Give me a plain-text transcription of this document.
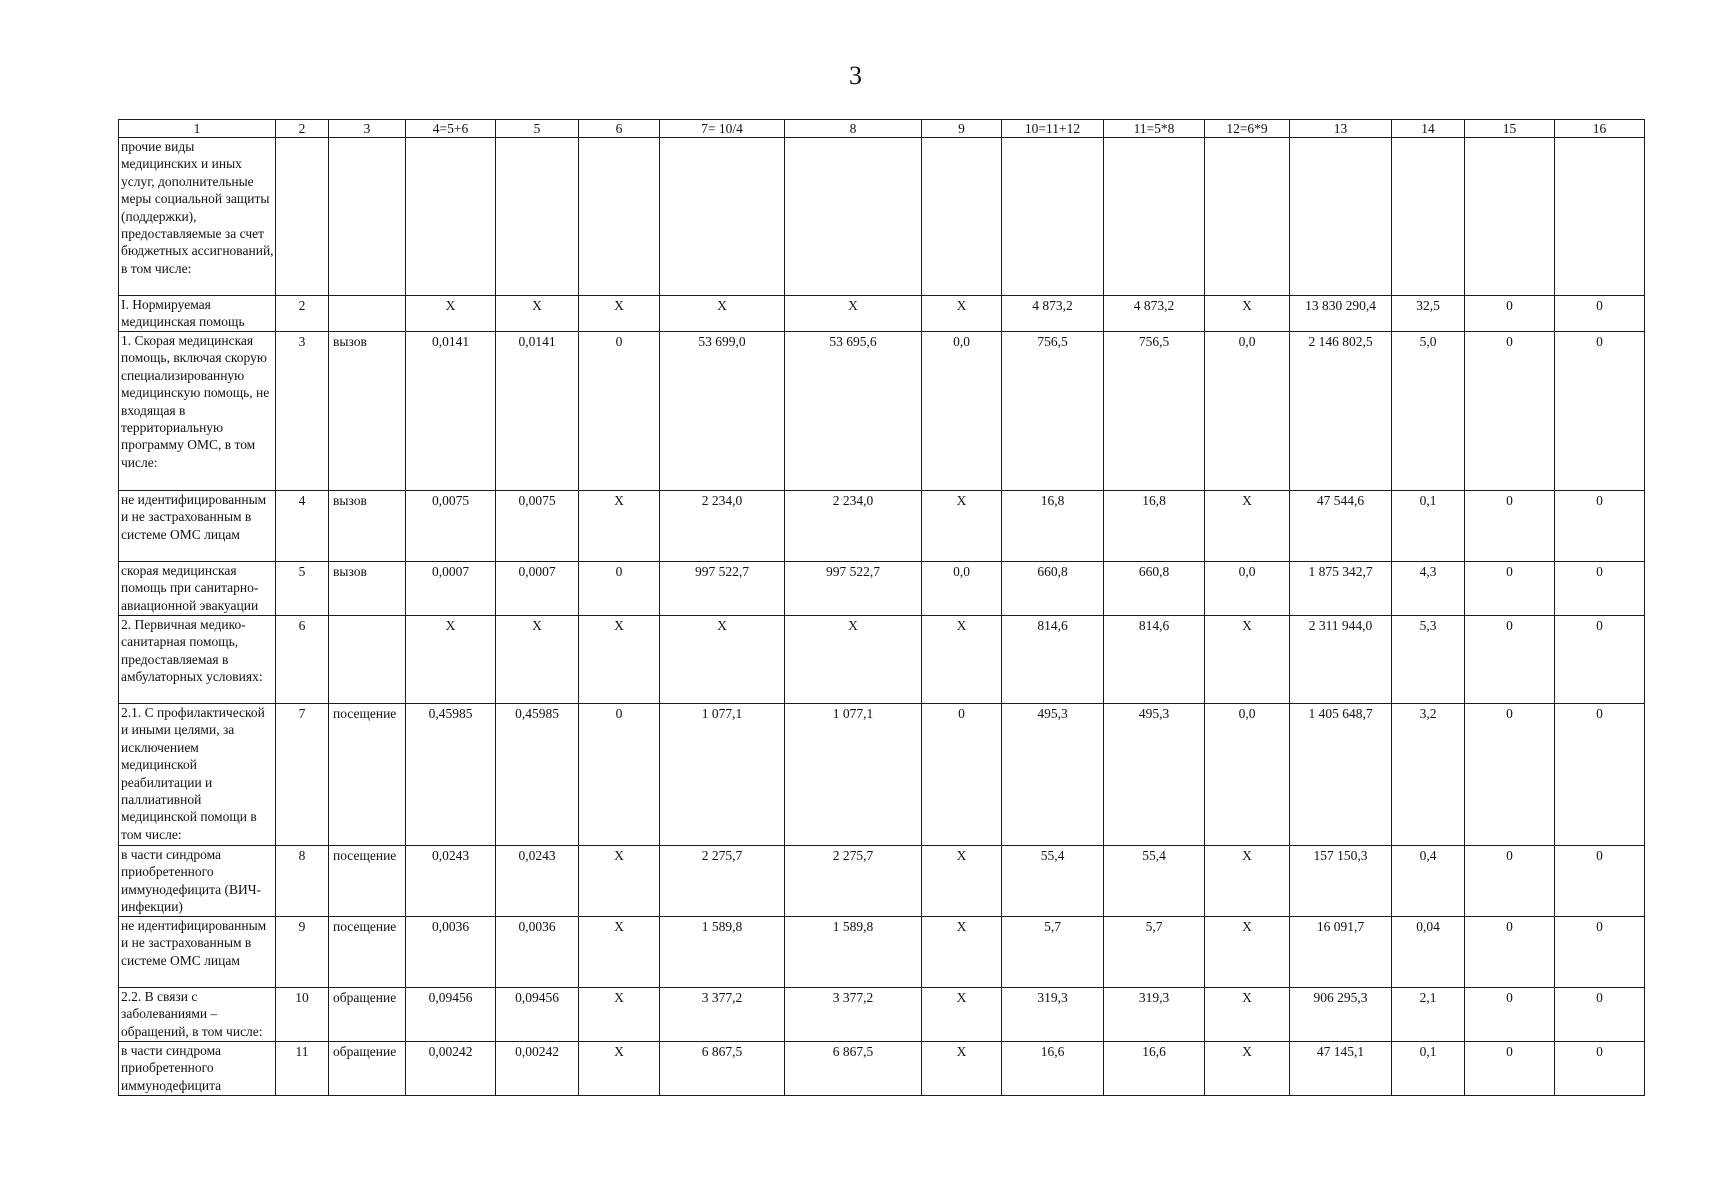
3
1	2	3	4=5+6	5	6	7= 10/4	8	9	10=11+12	11=5*8	12=6*9	13	14	15	16
прочие виды медицинских и иных услуг, дополнительные меры социальной защиты (поддержки), предоставляемые за счет бюджетных ассигнований, в том числе:															
I. Нормируемая медицинская помощь	2		X	X	X	X	X	X	4 873,2	4 873,2	X	13 830 290,4	32,5	0	0
1. Скорая медицинская помощь, включая скорую специализированную медицинскую помощь, не входящая в территориальную программу ОМС, в том числе:	3	вызов	0,0141	0,0141	0	53 699,0	53 695,6	0,0	756,5	756,5	0,0	2 146 802,5	5,0	0	0
не идентифицированным и не застрахованным в системе ОМС лицам	4	вызов	0,0075	0,0075	X	2 234,0	2 234,0	X	16,8	16,8	X	47 544,6	0,1	0	0
скорая медицинская помощь при санитарно-авиационной эвакуации	5	вызов	0,0007	0,0007	0	997 522,7	997 522,7	0,0	660,8	660,8	0,0	1 875 342,7	4,3	0	0
2. Первичная медико-санитарная помощь, предоставляемая в амбулаторных условиях:	6		X	X	X	X	X	X	814,6	814,6	X	2 311 944,0	5,3	0	0
2.1. С профилактической и иными целями, за исключением медицинской реабилитации и паллиативной медицинской помощи в том числе:	7	посещение	0,45985	0,45985	0	1 077,1	1 077,1	0	495,3	495,3	0,0	1 405 648,7	3,2	0	0
в части синдрома приобретенного иммунодефицита (ВИЧ-инфекции)	8	посещение	0,0243	0,0243	X	2 275,7	2 275,7	X	55,4	55,4	X	157 150,3	0,4	0	0
не идентифицированным и не застрахованным в системе ОМС лицам	9	посещение	0,0036	0,0036	X	1 589,8	1 589,8	X	5,7	5,7	X	16 091,7	0,04	0	0
2.2. В связи с заболеваниями – обращений, в том числе:	10	обращение	0,09456	0,09456	X	3 377,2	3 377,2	X	319,3	319,3	X	906 295,3	2,1	0	0
в части синдрома приобретенного иммунодефицита	11	обращение	0,00242	0,00242	X	6 867,5	6 867,5	X	16,6	16,6	X	47 145,1	0,1	0	0
